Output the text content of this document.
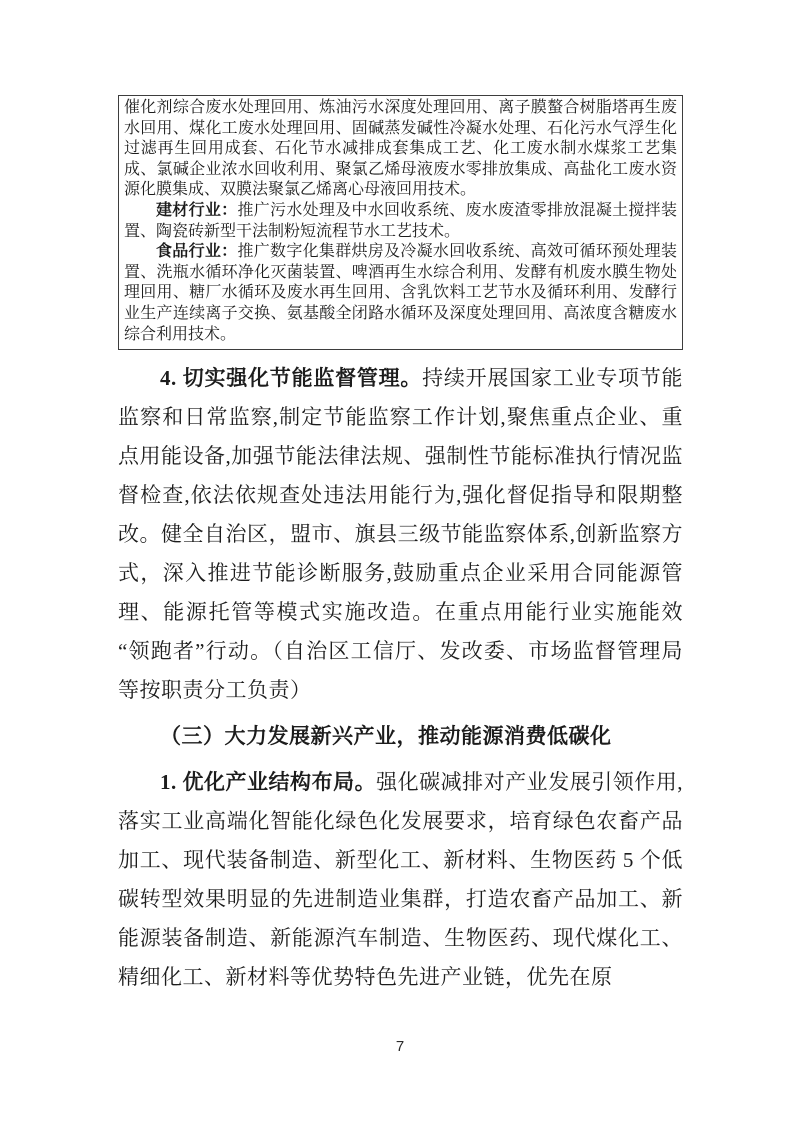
催化剂综合废水处理回用、炼油污水深度处理回用、离子膜螯合树脂塔再生废水回用、煤化工废水处理回用、固碱蒸发碱性冷凝水处理、石化污水气浮生化过滤再生回用成套、石化节水减排成套集成工艺、化工废水制水煤浆工艺集成、氯碱企业浓水回收利用、聚氯乙烯母液废水零排放集成、高盐化工废水资源化膜集成、双膜法聚氯乙烯离心母液回用技术。

建材行业：推广污水处理及中水回收系统、废水废渣零排放混凝土搅拌装置、陶瓷砖新型干法制粉短流程节水工艺技术。

食品行业：推广数字化集群烘房及冷凝水回收系统、高效可循环预处理装置、洗瓶水循环净化灭菌装置、啤酒再生水综合利用、发酵有机废水膜生物处理回用、糖厂水循环及废水再生回用、含乳饮料工艺节水及循环利用、发酵行业生产连续离子交换、氨基酸全闭路水循环及深度处理回用、高浓度含糖废水综合利用技术。

4. 切实强化节能监督管理。持续开展国家工业专项节能监察和日常监察,制定节能监察工作计划,聚焦重点企业、重点用能设备,加强节能法律法规、强制性节能标准执行情况监督检查,依法依规查处违法用能行为,强化督促指导和限期整改。健全自治区，盟市、旗县三级节能监察体系,创新监察方式，深入推进节能诊断服务,鼓励重点企业采用合同能源管理、能源托管等模式实施改造。在重点用能行业实施能效“领跑者”行动。（自治区工信厅、发改委、市场监督管理局等按职责分工负责）

（三）大力发展新兴产业，推动能源消费低碳化

1. 优化产业结构布局。强化碳减排对产业发展引领作用,落实工业高端化智能化绿色化发展要求，培育绿色农畜产品加工、现代装备制造、新型化工、新材料、生物医药 5 个低碳转型效果明显的先进制造业集群，打造农畜产品加工、新能源装备制造、新能源汽车制造、生物医药、现代煤化工、精细化工、新材料等优势特色先进产业链，优先在原

7
